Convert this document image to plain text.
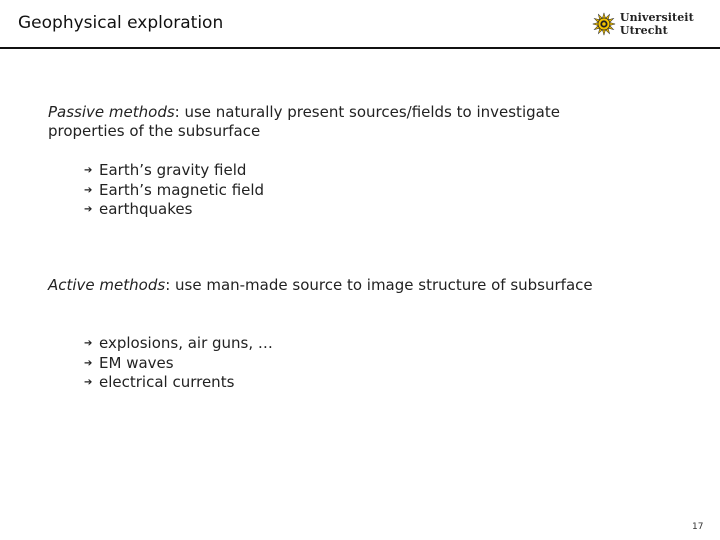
Geophysical exploration	Universiteit Utrecht
Passive methods: use naturally present sources/fields to investigate properties of the subsurface
➔ Earth’s gravity field
➔ Earth’s magnetic field
➔ earthquakes
Active methods: use man-made source to image structure of subsurface
➔ explosions, air guns, …
➔ EM waves
➔ electrical currents
17
